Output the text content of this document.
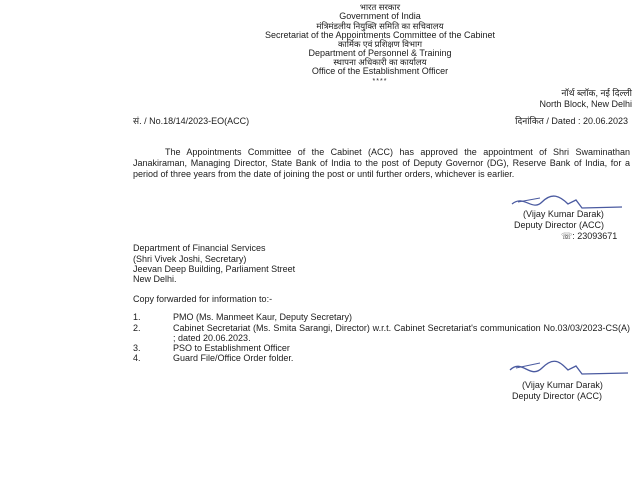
भारत सरकार
Government of India
मंत्रिमंडलीय नियुक्ति समिति का सचिवालय
Secretariat of the Appointments Committee of the Cabinet
कार्मिक एवं प्रशिक्षण विभाग
Department of Personnel & Training
स्थापना अधिकारी का कार्यालय
Office of the Establishment Officer
****
नॉर्थ ब्लॉक, नई दिल्ली
North Block, New Delhi
सं. / No.18/14/2023-EO(ACC)	दिनांकित / Dated : 20.06.2023
The Appointments Committee of the Cabinet (ACC) has approved the appointment of Shri Swaminathan Janakiraman, Managing Director, State Bank of India to the post of Deputy Governor (DG), Reserve Bank of India, for a period of three years from the date of joining the post or until further orders, whichever is earlier.
(Vijay Kumar Darak)
Deputy Director (ACC)
☏: 23093671
Department of Financial Services
(Shri Vivek Joshi, Secretary)
Jeevan Deep Building, Parliament Street
New Delhi.
Copy forwarded for information to:-
1.	PMO (Ms. Manmeet Kaur, Deputy Secretary)
2.	Cabinet Secretariat (Ms. Smita Sarangi, Director) w.r.t. Cabinet Secretariat's communication No.03/03/2023-CS(A) ; dated 20.06.2023.
3.	PSO to Establishment Officer
4.	Guard File/Office Order folder.
(Vijay Kumar Darak)
Deputy Director (ACC)
